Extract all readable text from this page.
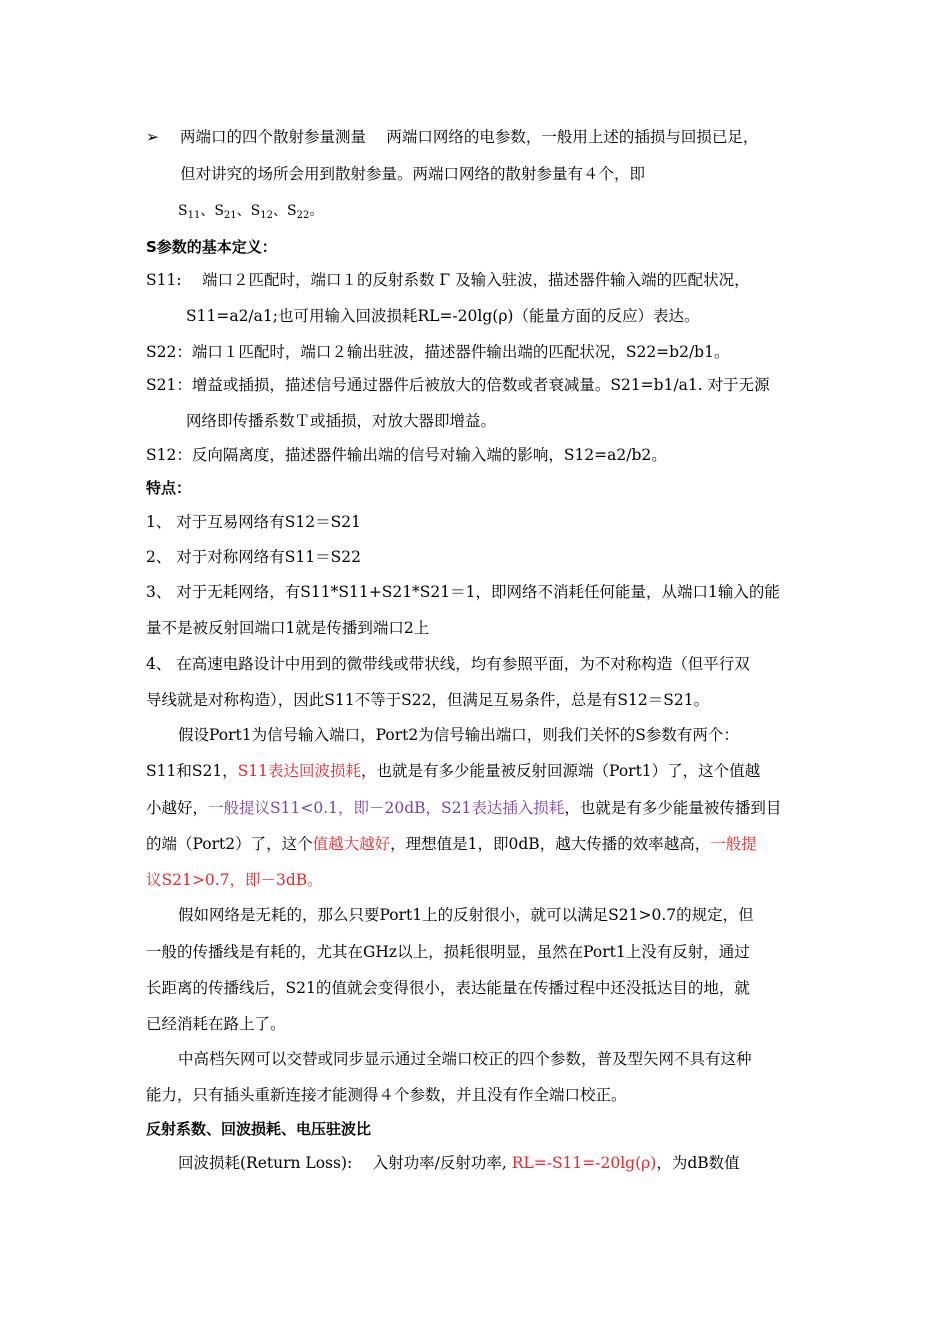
➢ 两端口的四个散射参量测量　 两端口网络的电参数，一般用上述的插损与回损已足，
但对讲究的场所会用到散射参量。两端口网络的散射参量有４个，即
$S_{11}$、$S_{21}$、$S_{12}$、$S_{22}$。
S参数的基本定义：
S11:　 端口２匹配时，端口１的反射系数 Γ 及输入驻波，描述器件输入端的匹配状况，
S11=a2/a1;也可用输入回波损耗RL=-20lg(ρ)（能量方面的反应）表达。
S22：端口１匹配时，端口２输出驻波，描述器件输出端的匹配状况，S22=b2/b1。
S21：增益或插损，描述信号通过器件后被放大的倍数或者衰减量。S21=b1/a1. 对于无源
网络即传播系数Ｔ或插损，对放大器即增益。
S12：反向隔离度，描述器件输出端的信号对输入端的影响，S12=a2/b2。
特点：
1、 对于互易网络有S12＝S21
2、 对于对称网络有S11＝S22
3、 对于无耗网络，有S11*S11+S21*S21＝1，即网络不消耗任何能量，从端口1输入的能
量不是被反射回端口1就是传播到端口2上
4、 在高速电路设计中用到的微带线或带状线，均有参照平面，为不对称构造（但平行双
导线就是对称构造），因此S11不等于S22，但满足互易条件，总是有S12＝S21。
假设Port1为信号输入端口，Port2为信号输出端口，则我们关怀的S参数有两个：
S11和S21，S11表达回波损耗，也就是有多少能量被反射回源端（Port1）了，这个值越
小越好，一般提议S11<0.1，即－20dB，S21表达插入损耗，也就是有多少能量被传播到目
的端（Port2）了，这个值越大越好，理想值是1，即0dB，越大传播的效率越高，一般提
议S21>0.7，即－3dB。
假如网络是无耗的，那么只要Port1上的反射很小，就可以满足S21>0.7的规定，但
一般的传播线是有耗的，尤其在GHz以上，损耗很明显，虽然在Port1上没有反射，通过
长距离的传播线后，S21的值就会变得很小，表达能量在传播过程中还没抵达目的地，就
已经消耗在路上了。
中高档矢网可以交替或同步显示通过全端口校正的四个参数，普及型矢网不具有这种
能力，只有插头重新连接才能测得４个参数，并且没有作全端口校正。
反射系数、回波损耗、电压驻波比
回波损耗(Return Loss):　 入射功率/反射功率, RL=-S11=-20lg(ρ)，为dB数值
